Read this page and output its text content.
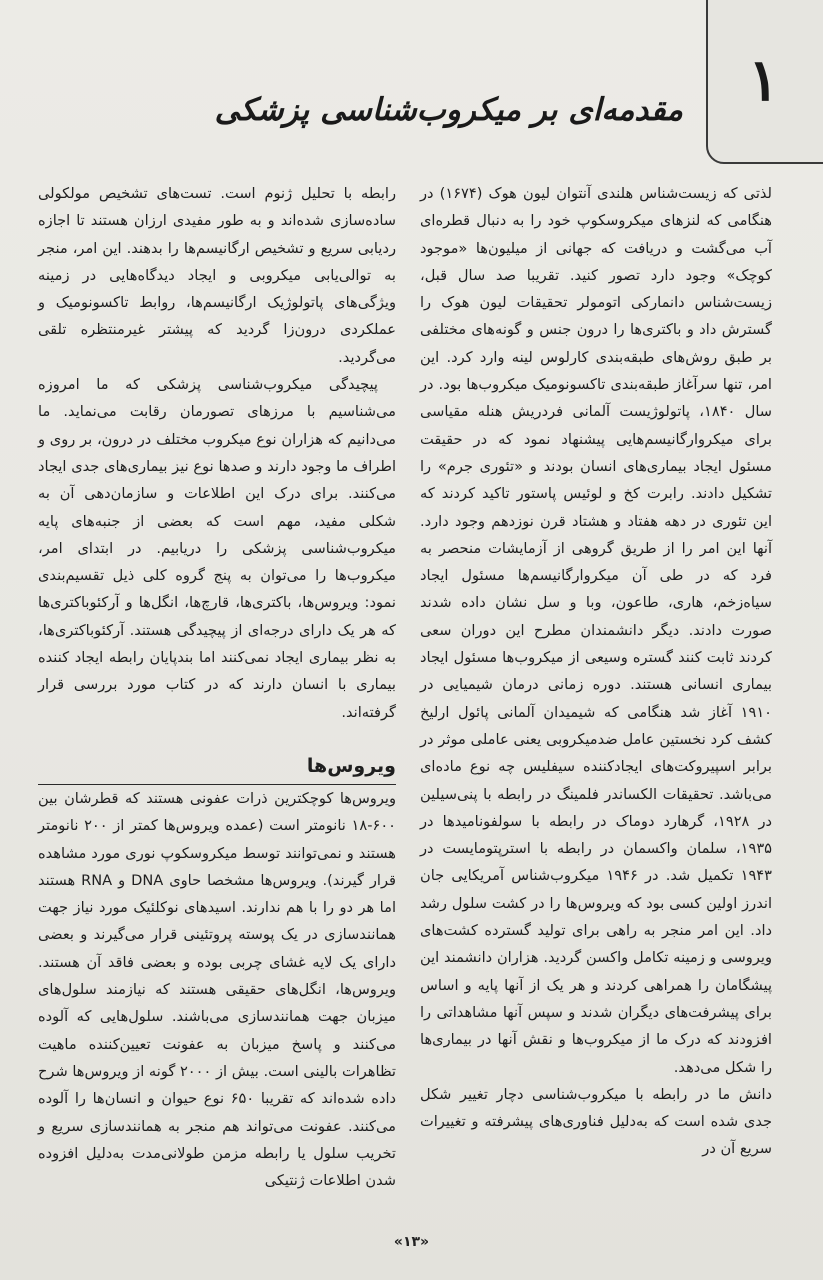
۱
مقدمه‌ای بر میکروب‌شناسی پزشکی

لذتی که زیست‌شناس هلندی آنتوان لیون هوک (۱۶۷۴) در هنگامی که لنزهای میکروسکوپ خود را به دنبال قطره‌ای آب می‌گشت و دریافت که جهانی از میلیون‌ها «موجود کوچک» وجود دارد تصور کنید. تقریبا صد سال قبل، زیست‌شناس دانمارکی اتومولر تحقیقات لیون هوک را گسترش داد و باکتری‌ها را درون جنس و گونه‌های مختلفی بر طبق روش‌های طبقه‌بندی کارلوس لینه وارد کرد. این امر، تنها سرآغاز طبقه‌بندی تاکسونومیک میکروب‌ها بود. در سال ۱۸۴۰، پاتولوژیست آلمانی فردریش هنله مقیاسی برای میکروارگانیسم‌هایی پیشنهاد نمود که در حقیقت مسئول ایجاد بیماری‌های انسان بودند و «تئوری جرم» را تشکیل دادند. رابرت کخ و لوئیس پاستور تاکید کردند که این تئوری در دهه هفتاد و هشتاد قرن نوزدهم وجود دارد. آنها این امر را از طریق گروهی از آزمایشات منحصر به فرد که در طی آن میکروارگانیسم‌ها مسئول ایجاد سیاه‌زخم، هاری، طاعون، وبا و سل نشان داده شدند صورت دادند. دیگر دانشمندان مطرح این دوران سعی کردند ثابت کنند گستره وسیعی از میکروب‌ها مسئول ایجاد بیماری انسانی هستند. دوره زمانی درمان شیمیایی در ۱۹۱۰ آغاز شد هنگامی که شیمیدان آلمانی پائول ارلیخ کشف کرد نخستین عامل ضدمیکروبی یعنی عاملی موثر در برابر اسپیروکت‌های ایجادکننده سیفلیس چه نوع ماده‌ای می‌باشد. تحقیقات الکساندر فلمینگ در رابطه با پنی‌سیلین در ۱۹۲۸، گرهارد دوماک در رابطه با سولفونامیدها در ۱۹۳۵، سلمان واکسمان در رابطه با استرپتومایست در ۱۹۴۳ تکمیل شد. در ۱۹۴۶ میکروب‌شناس آمریکایی جان اندرز اولین کسی بود که ویروس‌ها را در کشت سلول رشد داد. این امر منجر به راهی برای تولید گسترده کشت‌های ویروسی و زمینه تکامل واکسن گردید. هزاران دانشمند این پیشگامان را همراهی کردند و هر یک از آنها پایه و اساس برای پیشرفت‌های دیگران شدند و سپس آنها مشاهداتی را افزودند که درک ما از میکروب‌ها و نقش آنها در بیماری‌ها را شکل می‌دهد.

دانش ما در رابطه با میکروب‌شناسی دچار تغییر شکل جدی شده است که به‌دلیل فناوری‌های پیشرفته و تغییرات سریع آن در

رابطه با تحلیل ژنوم است. تست‌های تشخیص مولکولی ساده‌سازی شده‌اند و به طور مفیدی ارزان هستند تا اجازه ردیابی سریع و تشخیص ارگانیسم‌ها را بدهند. این امر، منجر به توالی‌یابی میکروبی و ایجاد دیدگاه‌هایی در زمینه ویژگی‌های پاتولوژیک ارگانیسم‌ها، روابط تاکسونومیک و عملکردی درون‌زا گردید که پیشتر غیرمنتظره تلقی می‌گردید.

پیچیدگی میکروب‌شناسی پزشکی که ما امروزه می‌شناسیم با مرزهای تصورمان رقابت می‌نماید. ما می‌دانیم که هزاران نوع میکروب مختلف در درون، بر روی و اطراف ما وجود دارند و صدها نوع نیز بیماری‌های جدی ایجاد می‌کنند. برای درک این اطلاعات و سازمان‌دهی آن به شکلی مفید، مهم است که بعضی از جنبه‌های پایه میکروب‌شناسی پزشکی را دریابیم. در ابتدای امر، میکروب‌ها را می‌توان به پنج گروه کلی ذیل تقسیم‌بندی نمود: ویروس‌ها، باکتری‌ها، قارچ‌ها، انگل‌ها و آرکئوباکتری‌ها که هر یک دارای درجه‌ای از پیچیدگی هستند. آرکئوباکتری‌ها، به نظر بیماری ایجاد نمی‌کنند اما بندپایان رابطه ایجاد کننده بیماری با انسان دارند که در کتاب مورد بررسی قرار گرفته‌اند.

ویروس‌ها

ویروس‌ها کوچکترین ذرات عفونی هستند که قطرشان بین ۶۰۰-۱۸ نانومتر است (عمده ویروس‌ها کمتر از ۲۰۰ نانومتر هستند و نمی‌توانند توسط میکروسکوپ نوری مورد مشاهده قرار گیرند). ویروس‌ها مشخصا حاوی DNA و RNA هستند اما هر دو را با هم ندارند. اسیدهای نوکلئیک مورد نیاز جهت همانندسازی در یک پوسته پروتئینی قرار می‌گیرند و بعضی دارای یک لایه غشای چربی بوده و بعضی فاقد آن هستند. ویروس‌ها، انگل‌های حقیقی هستند که نیازمند سلول‌های میزبان جهت همانندسازی می‌باشند. سلول‌هایی که آلوده می‌کنند و پاسخ میزبان به عفونت تعیین‌کننده ماهیت تظاهرات بالینی است. بیش از ۲۰۰۰ گونه از ویروس‌ها شرح داده شده‌اند که تقریبا ۶۵۰ نوع حیوان و انسان‌ها را آلوده می‌کنند. عفونت می‌تواند هم منجر به همانندسازی سریع و تخریب سلول یا رابطه مزمن طولانی‌مدت به‌دلیل افزوده شدن اطلاعات ژنتیکی

«۱۳»
